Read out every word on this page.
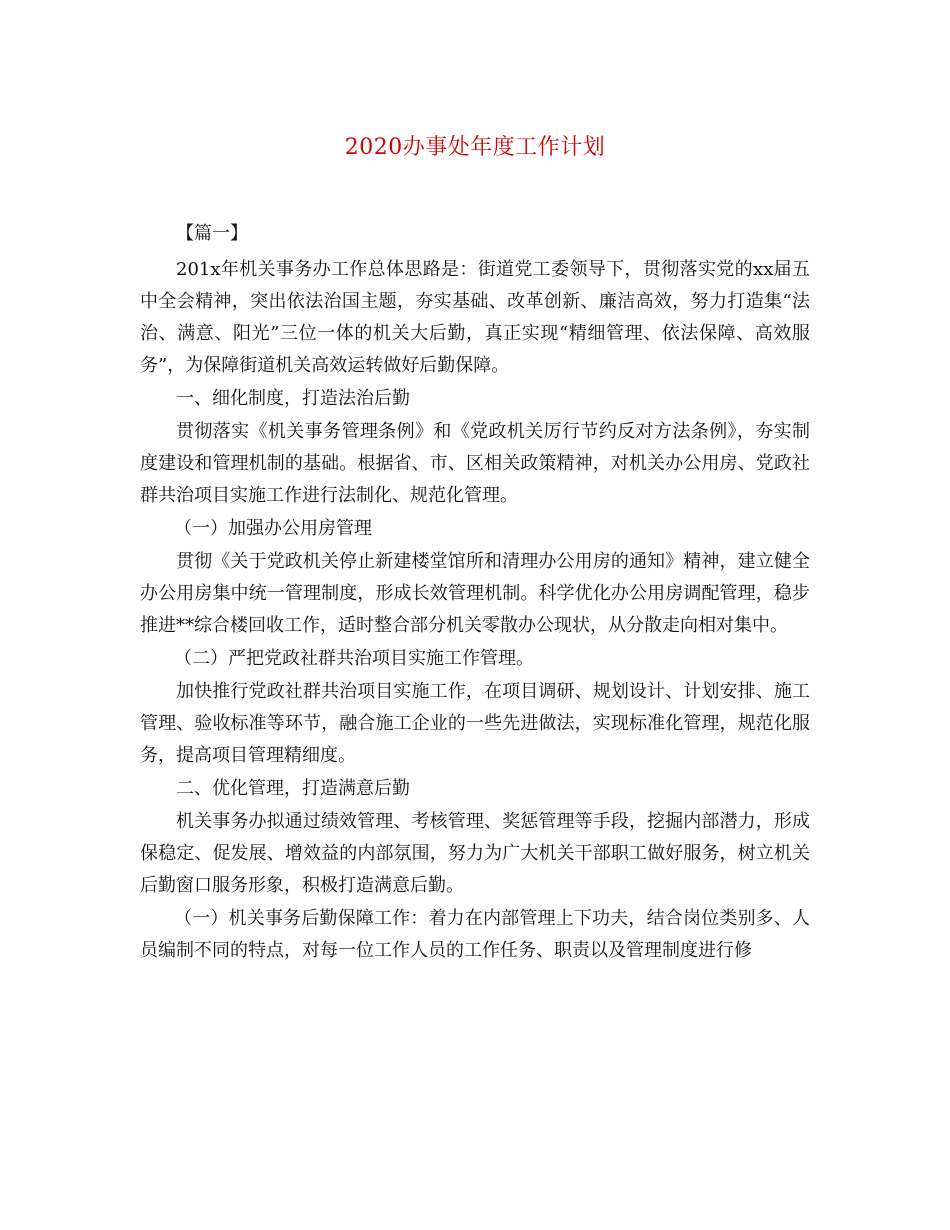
2020办事处年度工作计划

【篇一】

201x年机关事务办工作总体思路是：街道党工委领导下，贯彻落实党的xx届五中全会精神，突出依法治国主题，夯实基础、改革创新、廉洁高效，努力打造集“法治、满意、阳光”三位一体的机关大后勤，真正实现“精细管理、依法保障、高效服务”，为保障街道机关高效运转做好后勤保障。

一、细化制度，打造法治后勤

贯彻落实《机关事务管理条例》和《党政机关厉行节约反对方法条例》，夯实制度建设和管理机制的基础。根据省、市、区相关政策精神，对机关办公用房、党政社群共治项目实施工作进行法制化、规范化管理。

（一）加强办公用房管理

贯彻《关于党政机关停止新建楼堂馆所和清理办公用房的通知》精神，建立健全办公用房集中统一管理制度，形成长效管理机制。科学优化办公用房调配管理，稳步推进**综合楼回收工作，适时整合部分机关零散办公现状，从分散走向相对集中。

（二）严把党政社群共治项目实施工作管理。

加快推行党政社群共治项目实施工作，在项目调研、规划设计、计划安排、施工管理、验收标准等环节，融合施工企业的一些先进做法，实现标准化管理，规范化服务，提高项目管理精细度。

二、优化管理，打造满意后勤

机关事务办拟通过绩效管理、考核管理、奖惩管理等手段，挖掘内部潜力，形成保稳定、促发展、增效益的内部氛围，努力为广大机关干部职工做好服务，树立机关后勤窗口服务形象，积极打造满意后勤。

（一）机关事务后勤保障工作：着力在内部管理上下功夫，结合岗位类别多、人员编制不同的特点，对每一位工作人员的工作任务、职责以及管理制度进行修
